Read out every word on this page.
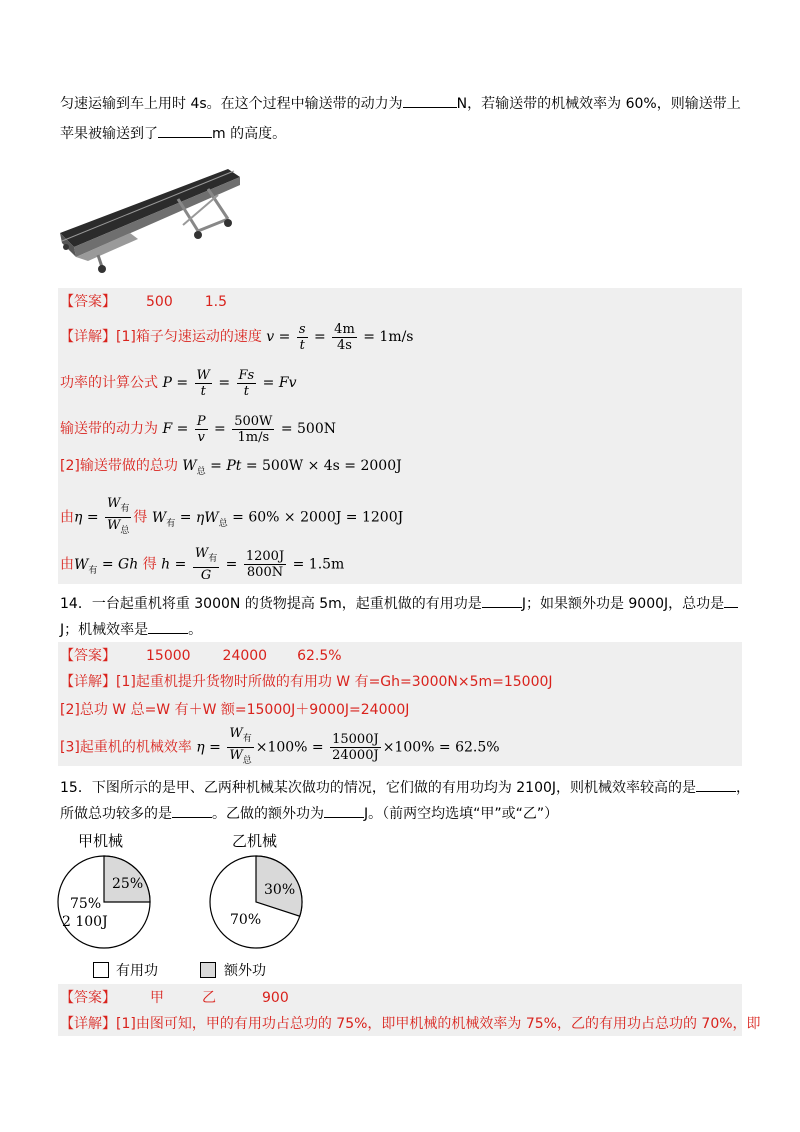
匀速运输到车上用时 4s。在这个过程中输送带的动力为	N，若输送带的机械效率为 60%，则输送带上
苹果被输送到了	m 的高度。
【答案】 500 1.5
【详解】[1]箱子匀速运动的速度 $v = \frac{s}{t} = \frac{4m}{4s} = 1m/s$
功率的计算公式 $P = \frac{W}{t} = \frac{Fs}{t} = Fv$
输送带的动力为 $F = \frac{P}{v} = \frac{500W}{1m/s} = 500N$
[2]输送带做的总功 $W_总 = Pt = 500W \times 4s = 2000J$
由$\eta = \frac{W_有}{W_总}$ 得 $W_有 = \eta W_总 = 60\% \times 2000J = 1200J$
由$W_有 = Gh$ 得 $h = \frac{W_有}{G} = \frac{1200J}{800N} = 1.5m$
14．一台起重机将重 3000N 的货物提高 5m，起重机做的有用功是	J；如果额外功是 9000J，总功是
J；机械效率是	。
【答案】 15000 24000 62.5%
【详解】[1]起重机提升货物时所做的有用功 W 有=Gh=3000N×5m=15000J
[2]总功 W 总=W 有＋W 额=15000J＋9000J=24000J
[3]起重机的机械效率 $\eta = \frac{W_有}{W_总} \times 100\% = \frac{15000J}{24000J} \times 100\% = 62.5\%$
15．下图所示的是甲、乙两种机械某次做功的情况，它们做的有用功均为 2100J，则机械效率较高的是	，
所做总功较多的是	。乙做的额外功为	J。（前两空均选填“甲”或“乙”）
甲机械	乙机械
25%
75%
2 100J
30%
70%
有用功	额外功
【答案】 甲	乙	900
【详解】[1]由图可知，甲的有用功占总功的 75%，即甲机械的机械效率为 75%，乙的有用功占总功的 70%，即
